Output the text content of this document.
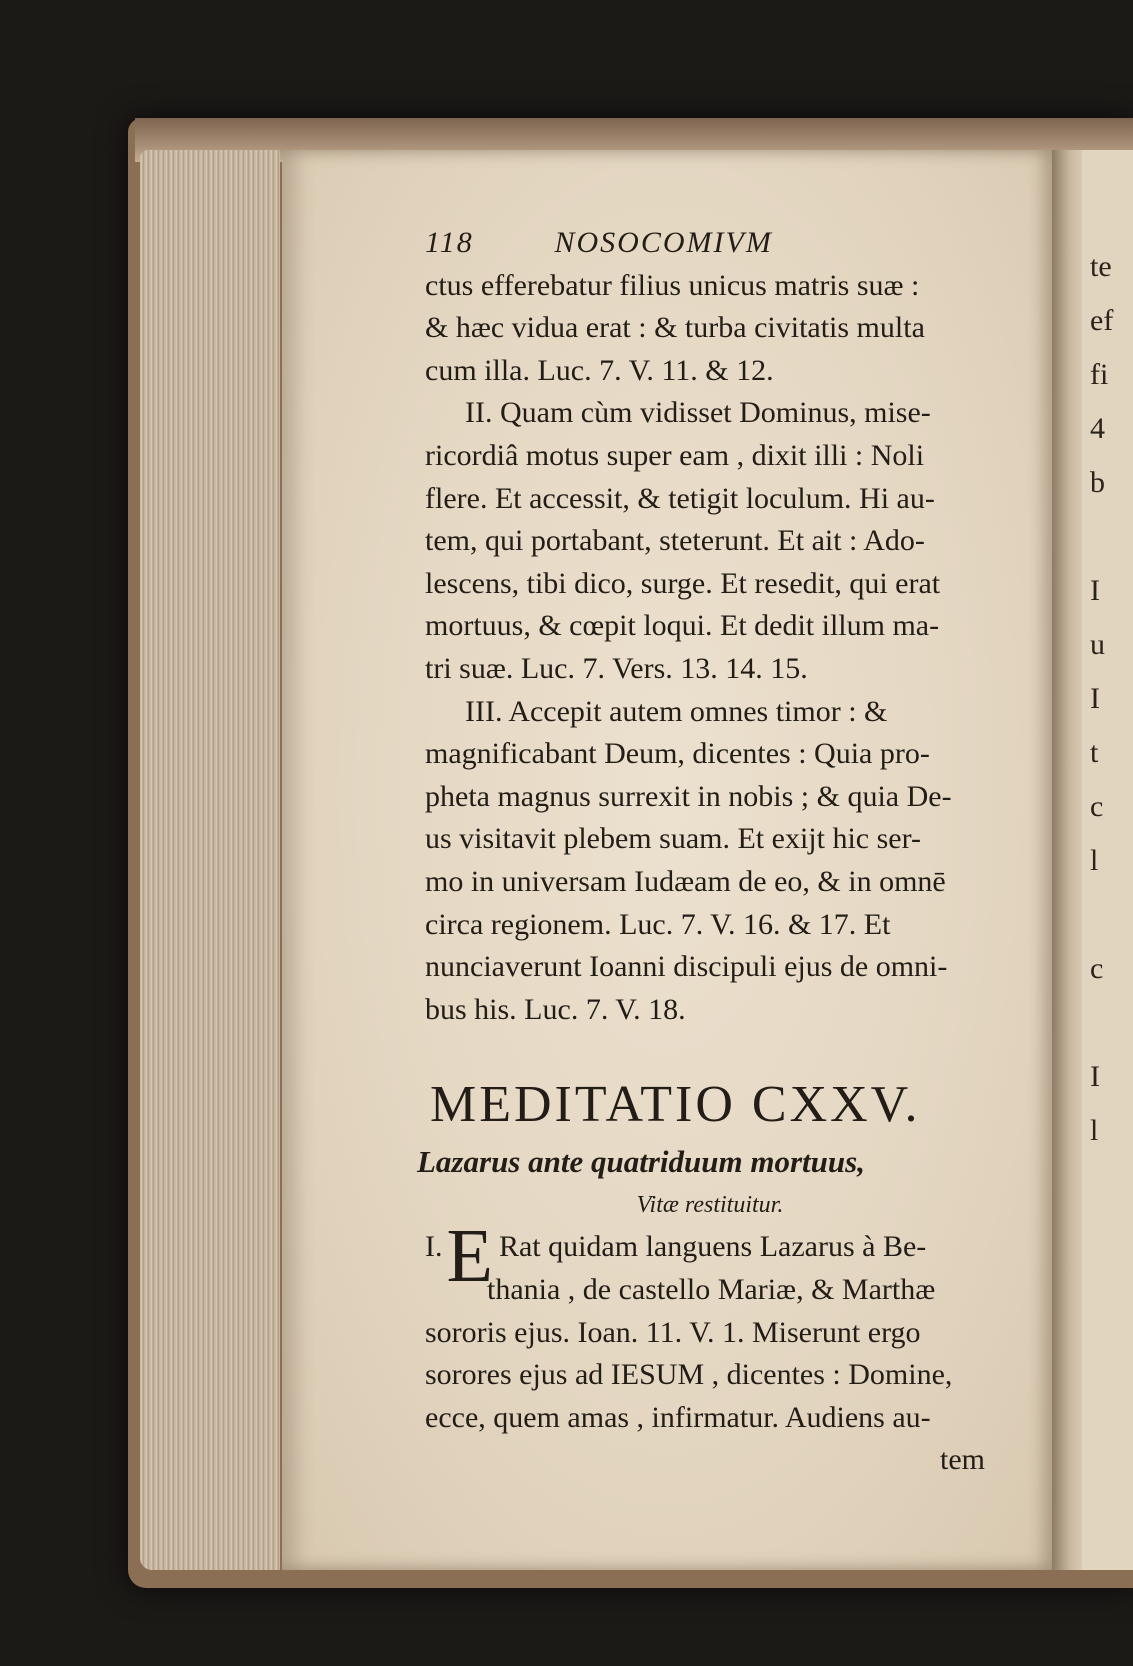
te
ef
fi
4
b
I
u
I
t
c
l
c
I
l
118	NOSOCOMIVM
ctus efferebatur filius unicus matris suæ :
& hæc vidua erat : & turba civitatis multa
cum illa. Luc. 7. V. 11. & 12.
II. Quam cùm vidisset Dominus, mise-
ricordiâ motus super eam , dixit illi : Noli
flere. Et accessit, & tetigit loculum. Hi au-
tem, qui portabant, steterunt. Et ait : Ado-
lescens, tibi dico, surge. Et resedit, qui erat
mortuus, & cœpit loqui. Et dedit illum ma-
tri suæ. Luc. 7. Vers. 13. 14. 15.
III. Accepit autem omnes timor : &
magnificabant Deum, dicentes : Quia pro-
pheta magnus surrexit in nobis ; & quia De-
us visitavit plebem suam. Et exijt hic ser-
mo in universam Iudæam de eo, & in omnē
circa regionem. Luc. 7. V. 16. & 17. Et
nunciaverunt Ioanni discipuli ejus de omni-
bus his. Luc. 7. V. 18.
MEDITATIO CXXV.
Lazarus ante quatriduum mortuus,
Vitæ restituitur.
I.E Rat quidam languens Lazarus à Be-
thania , de castello Mariæ, & Marthæ
sororis ejus. Ioan. 11. V. 1. Miserunt ergo
sorores ejus ad IESUM , dicentes : Domine,
ecce, quem amas , infirmatur. Audiens au-
tem
